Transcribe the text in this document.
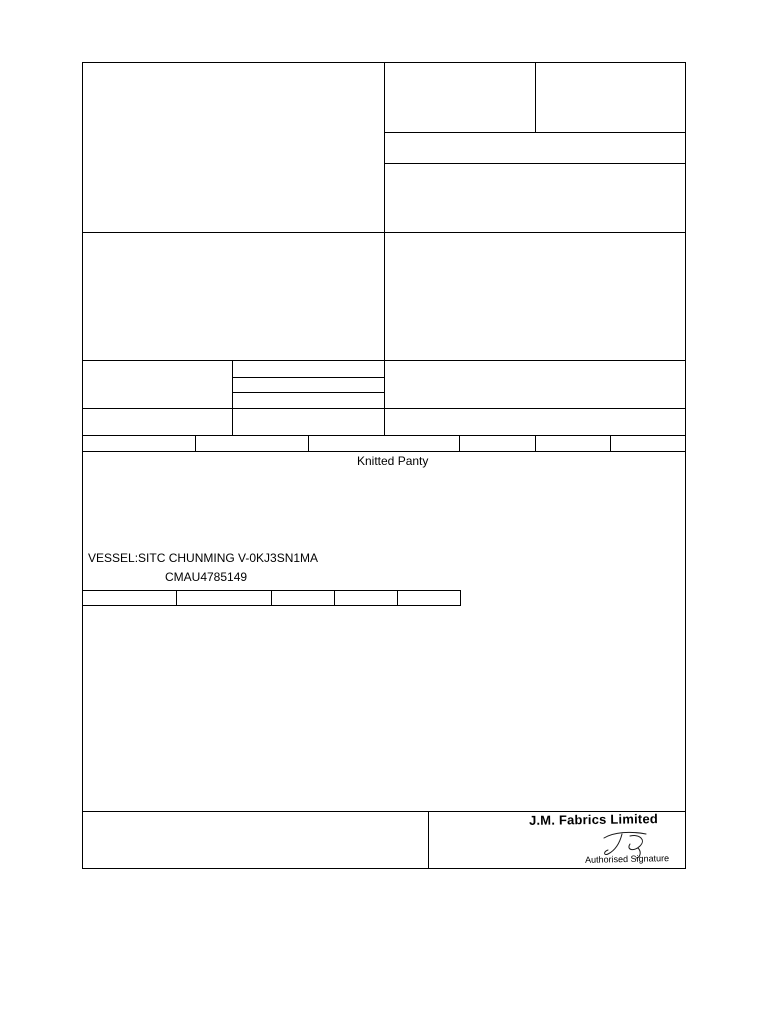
Knitted Panty
VESSEL:SITC CHUNMING V-0KJ3SN1MA
CMAU4785149
J.M. Fabrics Limited
Authorised Signature
